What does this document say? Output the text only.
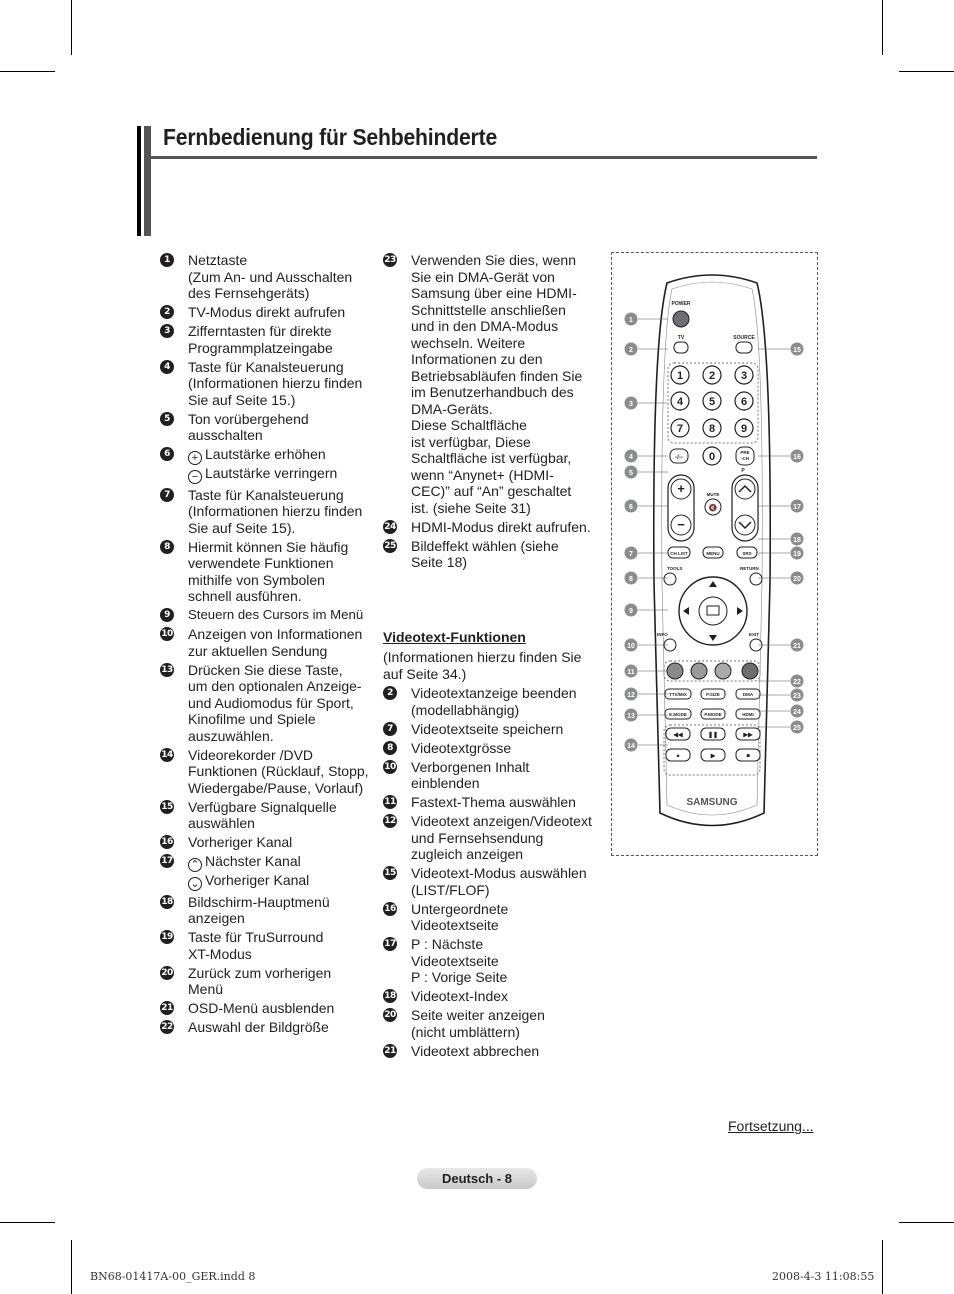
Fernbedienung für Sehbehinderte
1 Netztaste
(Zum An- und Ausschalten
des Fernsehgeräts)
2 TV-Modus direkt aufrufen
3 Zifferntasten für direkte
Programmplatzeingabe
4 Taste für Kanalsteuerung
(Informationen hierzu finden
Sie auf Seite 15.)
5 Ton vorübergehend
ausschalten
6	+ Lautstärke erhöhen
− Lautstärke verringern
7 Taste für Kanalsteuerung
(Informationen hierzu finden
Sie auf Seite 15).
8 Hiermit können Sie häufig
verwendete Funktionen
mithilfe von Symbolen
schnell ausführen.
9	Steuern des Cursors im Menü
10 Anzeigen von Informationen
zur aktuellen Sendung
13 Drücken Sie diese Taste,
um den optionalen Anzeige-
und Audiomodus für Sport,
Kinofilme und Spiele
auszuwählen.
14 Videorekorder /DVD
Funktionen (Rücklauf, Stopp,
Wiedergabe/Pause, Vorlauf)
15 Verfügbare Signalquelle
auswählen
16 Vorheriger Kanal
17 ⌃ Nächster Kanal
⌄ Vorheriger Kanal
18 Bildschirm-Hauptmenü
anzeigen
19 Taste für TruSurround
XT-Modus
20 Zurück zum vorherigen
Menü
21 OSD-Menü ausblenden
22 Auswahl der Bildgröße
23 Verwenden Sie dies, wenn
Sie ein DMA-Gerät von
Samsung über eine HDMI-
Schnittstelle anschließen
und in den DMA-Modus
wechseln. Weitere
Informationen zu den
Betriebsabläufen finden Sie
im Benutzerhandbuch des
DMA-Geräts.
Diese Schaltfläche
ist verfügbar, Diese
Schaltfläche ist verfügbar,
wenn “Anynet+ (HDMI-
CEC)” auf “An” geschaltet
ist. (siehe Seite 31)
24 HDMI-Modus direkt aufrufen.
25 Bildeffekt wählen (siehe
Seite 18)
Videotext-Funktionen
(Informationen hierzu finden Sie
auf Seite 34.)
2 Videotextanzeige beenden
(modellabhängig)
7 Videotextseite speichern
8 Videotextgrösse
10 Verborgenen Inhalt
einblenden
11 Fastext-Thema auswählen
12 Videotext anzeigen/Videotext
und Fernsehsendung
zugleich anzeigen
15 Videotext-Modus auswählen
(LIST/FLOF)
16 Untergeordnete
Videotextseite
17 P : Nächste
Videotextseite
P : Vorige Seite
18 Videotext-Index
20 Seite weiter anzeigen
(nicht umblättern)
21 Videotext abbrechen
POWER
TV	SOURCE
1 2 3
4 5 6
7 8 9
0
-/--
PRE
-CH
+
−
P
🔇
MUTE
CH LIST	MENU	SRS
TOOLS	RETURN
INFO	EXIT
TTX/MIX	P.SIZE	DMA
E.MODE	P.MODE	HDMI
◀◀	❚❚	▶▶
●	▶	■
SAMSUNG
1
2
3
4
5
6
7
8
9
10
11
12
13
14
15
16
17
18
19
20
21
22
23
24
25
Fortsetzung...
Deutsch - 8
BN68-01417A-00_GER.indd 8	2008-4-3 11:08:55
